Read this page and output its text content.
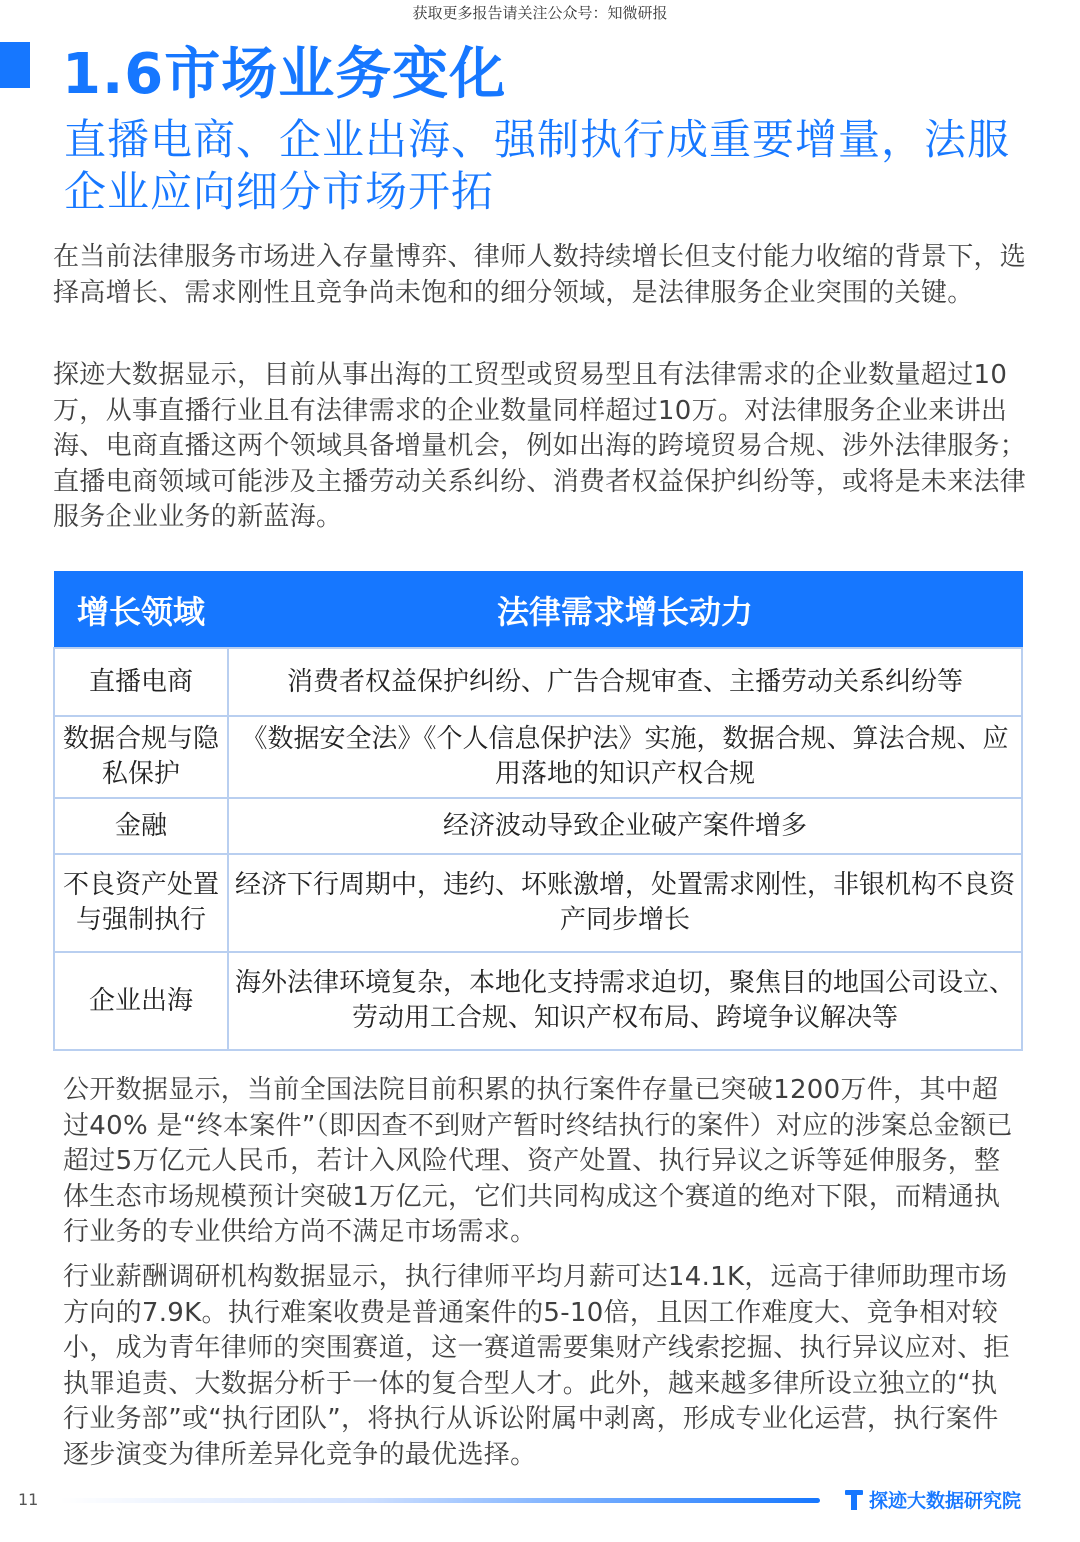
获取更多报告请关注公众号：知微研报
1.6市场业务变化
直播电商、企业出海、强制执行成重要增量，法服企业应向细分市场开拓
在当前法律服务市场进入存量博弈、律师人数持续增长但支付能力收缩的背景下，选择高增长、需求刚性且竞争尚未饱和的细分领域，是法律服务企业突围的关键。
探迹大数据显示，目前从事出海的工贸型或贸易型且有法律需求的企业数量超过10万，从事直播行业且有法律需求的企业数量同样超过10万。对法律服务企业来讲出海、电商直播这两个领域具备增量机会，例如出海的跨境贸易合规、涉外法律服务；直播电商领域可能涉及主播劳动关系纠纷、消费者权益保护纠纷等，或将是未来法律服务企业业务的新蓝海。
增长领域	法律需求增长动力
直播电商	消费者权益保护纠纷、广告合规审查、主播劳动关系纠纷等
数据合规与隐私保护	《数据安全法》《个人信息保护法》实施，数据合规、算法合规、应用落地的知识产权合规
金融	经济波动导致企业破产案件增多
不良资产处置与强制执行	经济下行周期中，违约、坏账激增，处置需求刚性，非银机构不良资产同步增长
企业出海	海外法律环境复杂，本地化支持需求迫切，聚焦目的地国公司设立、劳动用工合规、知识产权布局、跨境争议解决等
公开数据显示，当前全国法院目前积累的执行案件存量已突破1200万件，其中超过40% 是“终本案件”（即因查不到财产暂时终结执行的案件）对应的涉案总金额已超过5万亿元人民币，若计入风险代理、资产处置、执行异议之诉等延伸服务，整体生态市场规模预计突破1万亿元，它们共同构成这个赛道的绝对下限，而精通执行业务的专业供给方尚不满足市场需求。
行业薪酬调研机构数据显示，执行律师平均月薪可达14.1K，远高于律师助理市场方向的7.9K。执行难案收费是普通案件的5-10倍，且因工作难度大、竞争相对较小，成为青年律师的突围赛道，这一赛道需要集财产线索挖掘、执行异议应对、拒执罪追责、大数据分析于一体的复合型人才。此外，越来越多律所设立独立的“执行业务部”或“执行团队”，将执行从诉讼附属中剥离，形成专业化运营，执行案件逐步演变为律所差异化竞争的最优选择。
11	探迹大数据研究院
